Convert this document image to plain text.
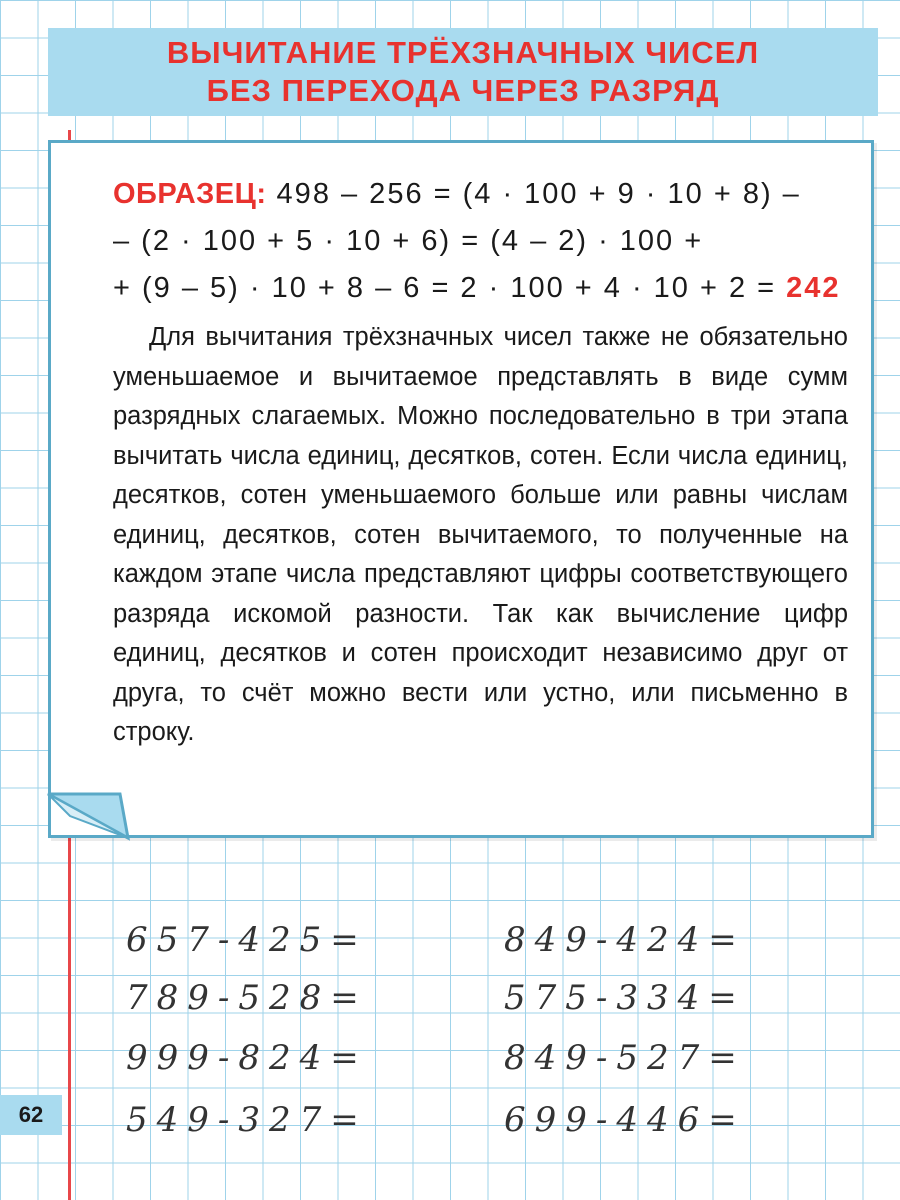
ВЫЧИТАНИЕ ТРЁХЗНАЧНЫХ ЧИСЕЛ
БЕЗ ПЕРЕХОДА ЧЕРЕЗ РАЗРЯД
ОБРАЗЕЦ: 498 – 256 = (4 · 100 + 9 · 10 + 8) –
– (2 · 100 + 5 · 10 + 6) = (4 – 2) · 100 +
+ (9 – 5) · 10 + 8 – 6 = 2 · 100 + 4 · 10 + 2 = 242
Для вычитания трёхзначных чисел также не обязательно уменьшаемое и вычитаемое представлять в виде сумм разрядных слагаемых. Можно последовательно в три этапа вычитать числа единиц, десятков, сотен. Если числа единиц, десятков, сотен уменьшаемого больше или равны числам единиц, десятков, сотен вычитаемого, то полученные на каждом этапе числа представляют цифры соответствующего разряда искомой разности. Так как вычисление цифр единиц, десятков и сотен происходит независимо друг от друга, то счёт можно вести или устно, или письменно в строку.
657-425=
789-528=
999-824=
549-327=
849-424=
575-334=
849-527=
699-446=
62
